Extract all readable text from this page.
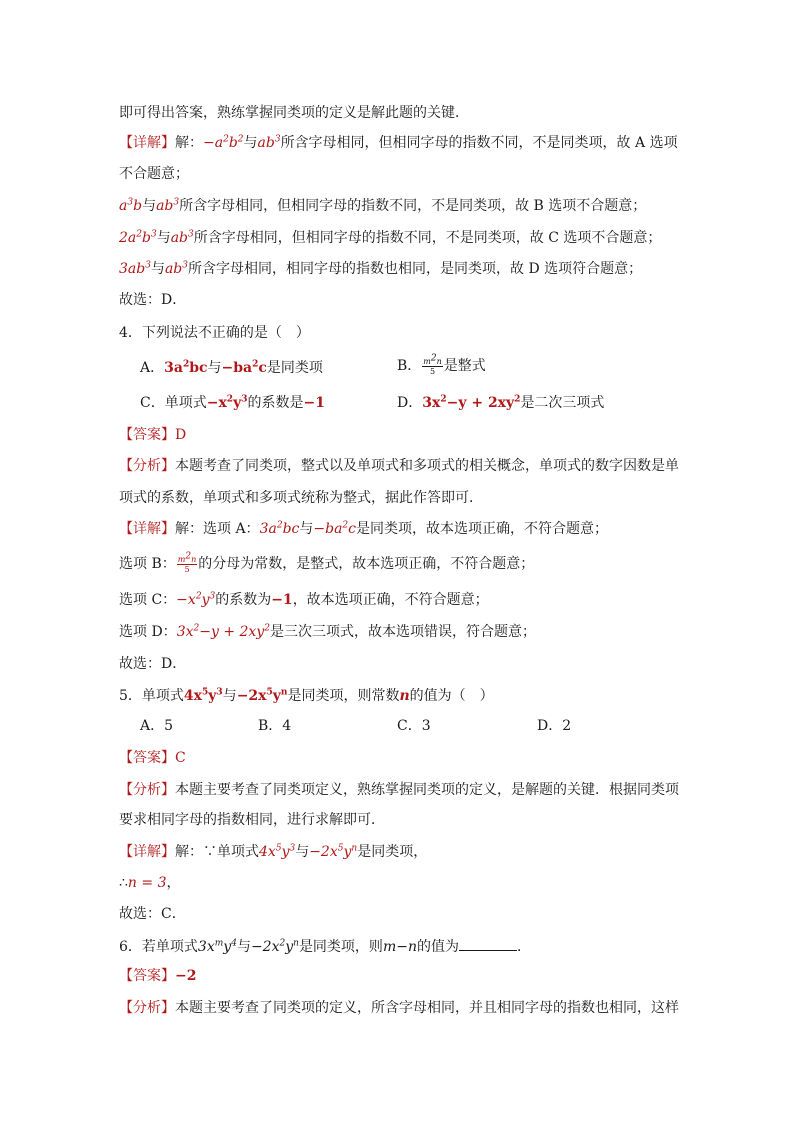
即可得出答案，熟练掌握同类项的定义是解此题的关键．
【详解】解：$-a^2b^2$与$ab^3$所含字母相同，但相同字母的指数不同，不是同类项，故 A 选项
不合题意；
$a^3b$与$ab^3$所含字母相同，但相同字母的指数不同，不是同类项，故 B 选项不合题意；
$2a^2b^3$与$ab^3$所含字母相同，但相同字母的指数不同，不是同类项，故 C 选项不合题意；
$3ab^3$与$ab^3$所含字母相同，相同字母的指数也相同，是同类项，故 D 选项符合题意；
故选：D．
4．下列说法不正确的是（　）
A．$3a^2bc$与$-ba^2c$是同类项	B． $\frac{m^2n}{5}$ 是整式
C．单项式$-x^2y^3$的系数是−1	D．$3x^2-y + 2xy^2$是二次三项式
【答案】D
【分析】本题考查了同类项，整式以及单项式和多项式的相关概念，单项式的数字因数是单
项式的系数，单项式和多项式统称为整式，据此作答即可．
【详解】解：选项 A：$3a^2bc$与$-ba^2c$是同类项，故本选项正确，不符合题意；
选项 B： $\frac{m^2n}{5}$ 的分母为常数，是整式，故本选项正确，不符合题意；
选项 C：$-x^2y^3$的系数为−1，故本选项正确，不符合题意；
选项 D：$3x^2-y + 2xy^2$是三次三项式，故本选项错误，符合题意；
故选：D．
5．单项式$4x^5y^3$与$-2x^5y^n$是同类项，则常数n的值为（　）
A．5	B．4	C．3	D．2
【答案】C
【分析】本题主要考查了同类项定义，熟练掌握同类项的定义，是解题的关键．根据同类项
要求相同字母的指数相同，进行求解即可．
【详解】解：∵单项式$4x^5y^3$与$-2x^5y^n$是同类项，
∴n = 3，
故选：C．
6．若单项式$3x^my^4$与$-2x^2y^n$是同类项，则m−n的值为	．
【答案】−2
【分析】本题主要考查了同类项的定义，所含字母相同，并且相同字母的指数也相同，这样
